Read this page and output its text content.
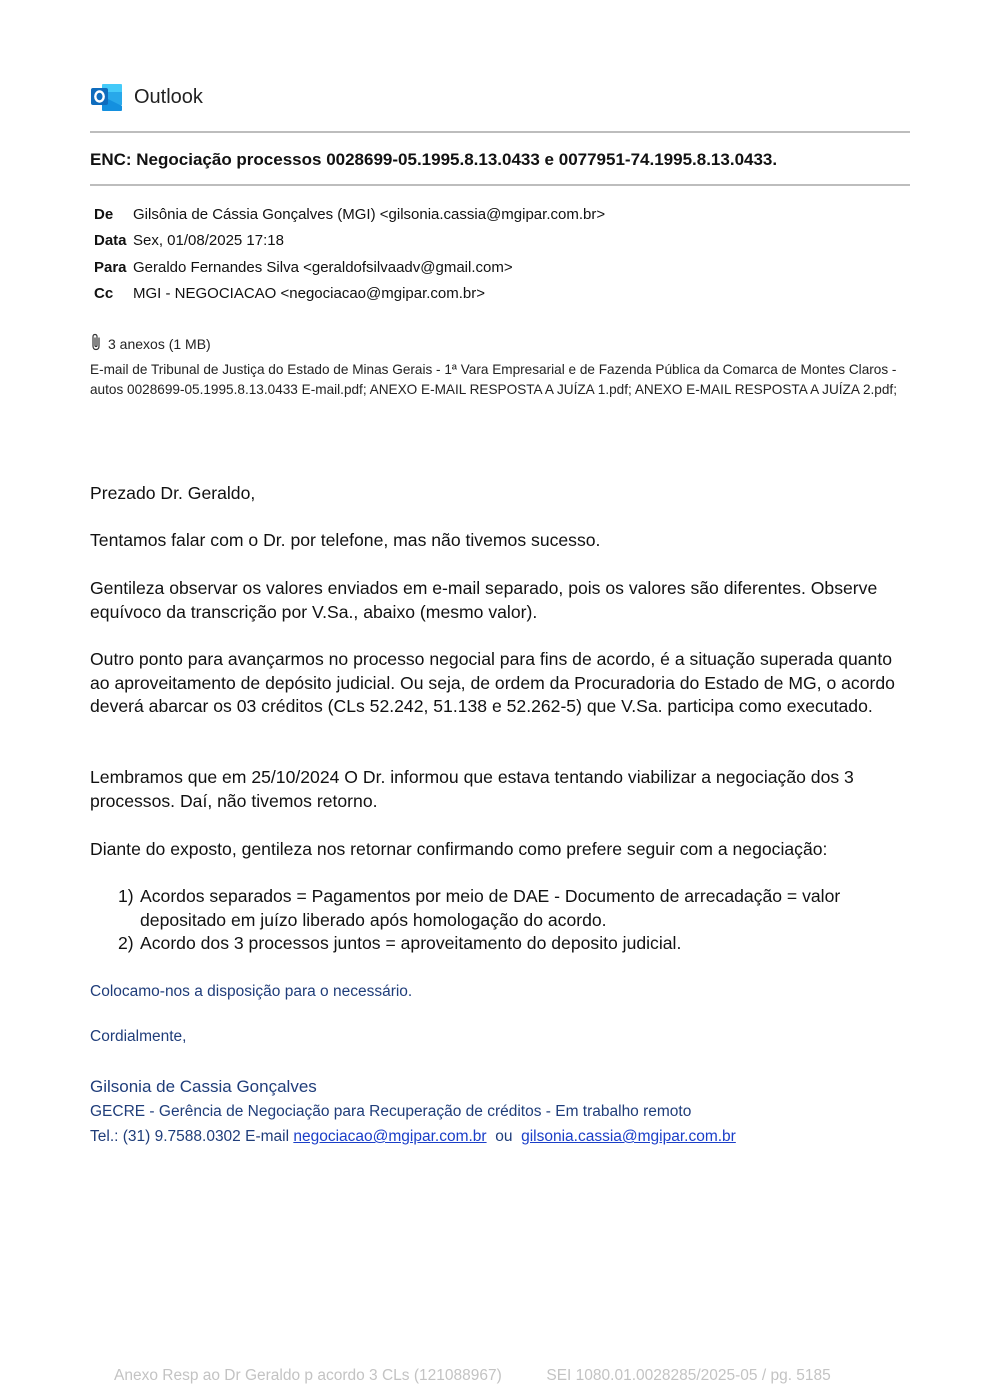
Outlook
ENC: Negociação processos 0028699-05.1995.8.13.0433 e 0077951-74.1995.8.13.0433.
De	Gilsônia de Cássia Gonçalves (MGI) <gilsonia.cassia@mgipar.com.br>
Data Sex, 01/08/2025 17:18
Para Geraldo Fernandes Silva <geraldofsilvaadv@gmail.com>
Cc	MGI - NEGOCIACAO <negociacao@mgipar.com.br>
3 anexos (1 MB)
E-mail de Tribunal de Justiça do Estado de Minas Gerais - 1ª Vara Empresarial e de Fazenda Pública da Comarca de Montes Claros - autos 0028699-05.1995.8.13.0433 E-mail.pdf; ANEXO E-MAIL RESPOSTA A JUÍZA 1.pdf; ANEXO E-MAIL RESPOSTA A JUÍZA 2.pdf;

Prezado Dr. Geraldo,

Tentamos falar com o Dr. por telefone, mas não tivemos sucesso.

Gentileza observar os valores enviados em e-mail separado, pois os valores são diferentes. Observe equívoco da transcrição por V.Sa., abaixo (mesmo valor).

Outro ponto para avançarmos no processo negocial para fins de acordo, é a situação superada quanto ao aproveitamento de depósito judicial. Ou seja, de ordem da Procuradoria do Estado de MG, o acordo deverá abarcar os 03 créditos (CLs 52.242, 51.138 e 52.262-5) que V.Sa. participa como executado.

Lembramos que em 25/10/2024 O Dr. informou que estava tentando viabilizar a negociação dos 3 processos. Daí, não tivemos retorno.

Diante do exposto, gentileza nos retornar confirmando como prefere seguir com a negociação:

1) Acordos separados = Pagamentos por meio de DAE - Documento de arrecadação = valor depositado em juízo liberado após homologação do acordo.
2) Acordo dos 3 processos juntos = aproveitamento do deposito judicial.
Colocamo-nos a disposição para o necessário.
Cordialmente,
Gilsonia de Cassia Gonçalves
GECRE - Gerência de Negociação para Recuperação de créditos - Em trabalho remoto
Tel.: (31) 9.7588.0302 E-mail negociacao@mgipar.com.br ou gilsonia.cassia@mgipar.com.br
Anexo Resp ao Dr Geraldo p acordo 3 CLs (121088967)	SEI 1080.01.0028285/2025-05 / pg. 5185
